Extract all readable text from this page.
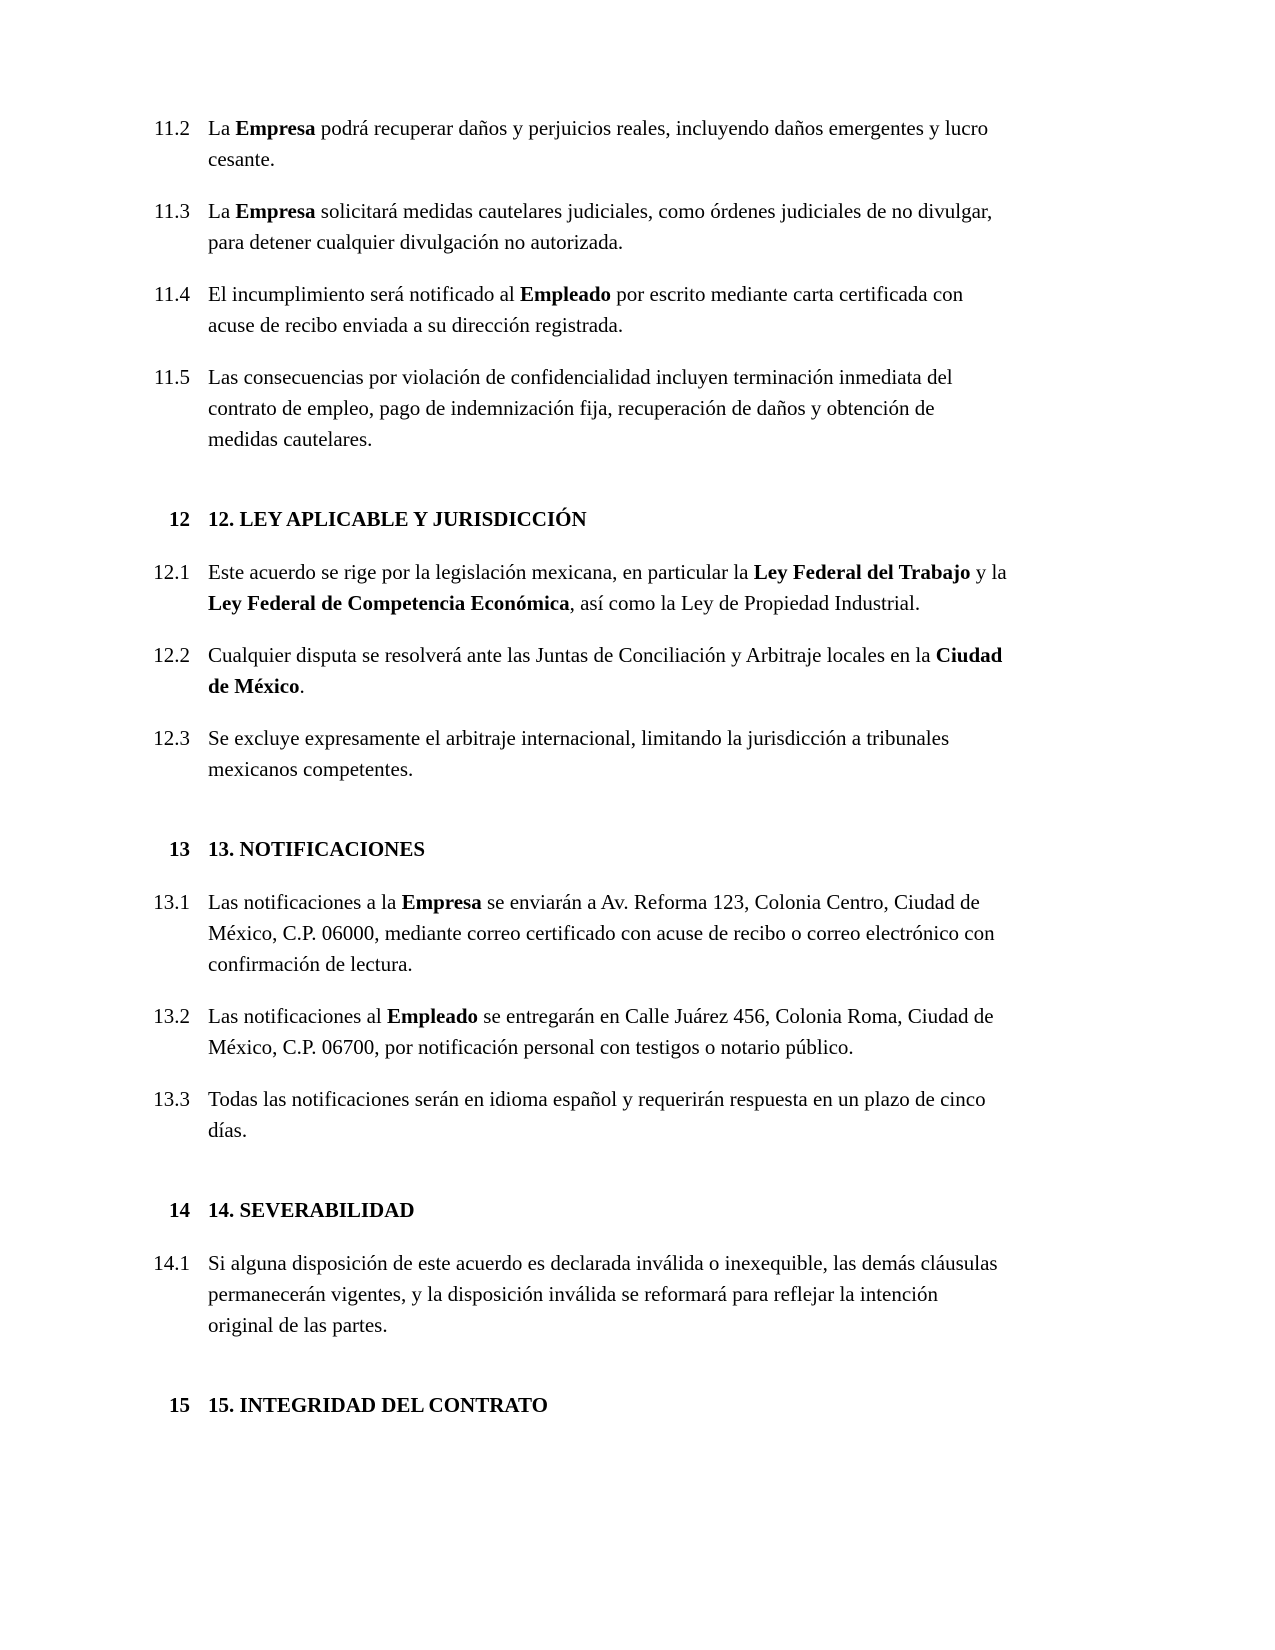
11.2 La Empresa podrá recuperar daños y perjuicios reales, incluyendo daños emergentes y lucro
cesante.
11.3 La Empresa solicitará medidas cautelares judiciales, como órdenes judiciales de no divulgar,
para detener cualquier divulgación no autorizada.
11.4 El incumplimiento será notificado al Empleado por escrito mediante carta certificada con
acuse de recibo enviada a su dirección registrada.
11.5 Las consecuencias por violación de confidencialidad incluyen terminación inmediata del
contrato de empleo, pago de indemnización fija, recuperación de daños y obtención de
medidas cautelares.
12 12. LEY APLICABLE Y JURISDICCIÓN
12.1 Este acuerdo se rige por la legislación mexicana, en particular la Ley Federal del Trabajo y la
Ley Federal de Competencia Económica, así como la Ley de Propiedad Industrial.
12.2 Cualquier disputa se resolverá ante las Juntas de Conciliación y Arbitraje locales en la Ciudad
de México.
12.3 Se excluye expresamente el arbitraje internacional, limitando la jurisdicción a tribunales
mexicanos competentes.
13 13. NOTIFICACIONES
13.1 Las notificaciones a la Empresa se enviarán a Av. Reforma 123, Colonia Centro, Ciudad de
México, C.P. 06000, mediante correo certificado con acuse de recibo o correo electrónico con
confirmación de lectura.
13.2 Las notificaciones al Empleado se entregarán en Calle Juárez 456, Colonia Roma, Ciudad de
México, C.P. 06700, por notificación personal con testigos o notario público.
13.3 Todas las notificaciones serán en idioma español y requerirán respuesta en un plazo de cinco
días.
14 14. SEVERABILIDAD
14.1 Si alguna disposición de este acuerdo es declarada inválida o inexequible, las demás cláusulas
permanecerán vigentes, y la disposición inválida se reformará para reflejar la intención
original de las partes.
15 15. INTEGRIDAD DEL CONTRATO
